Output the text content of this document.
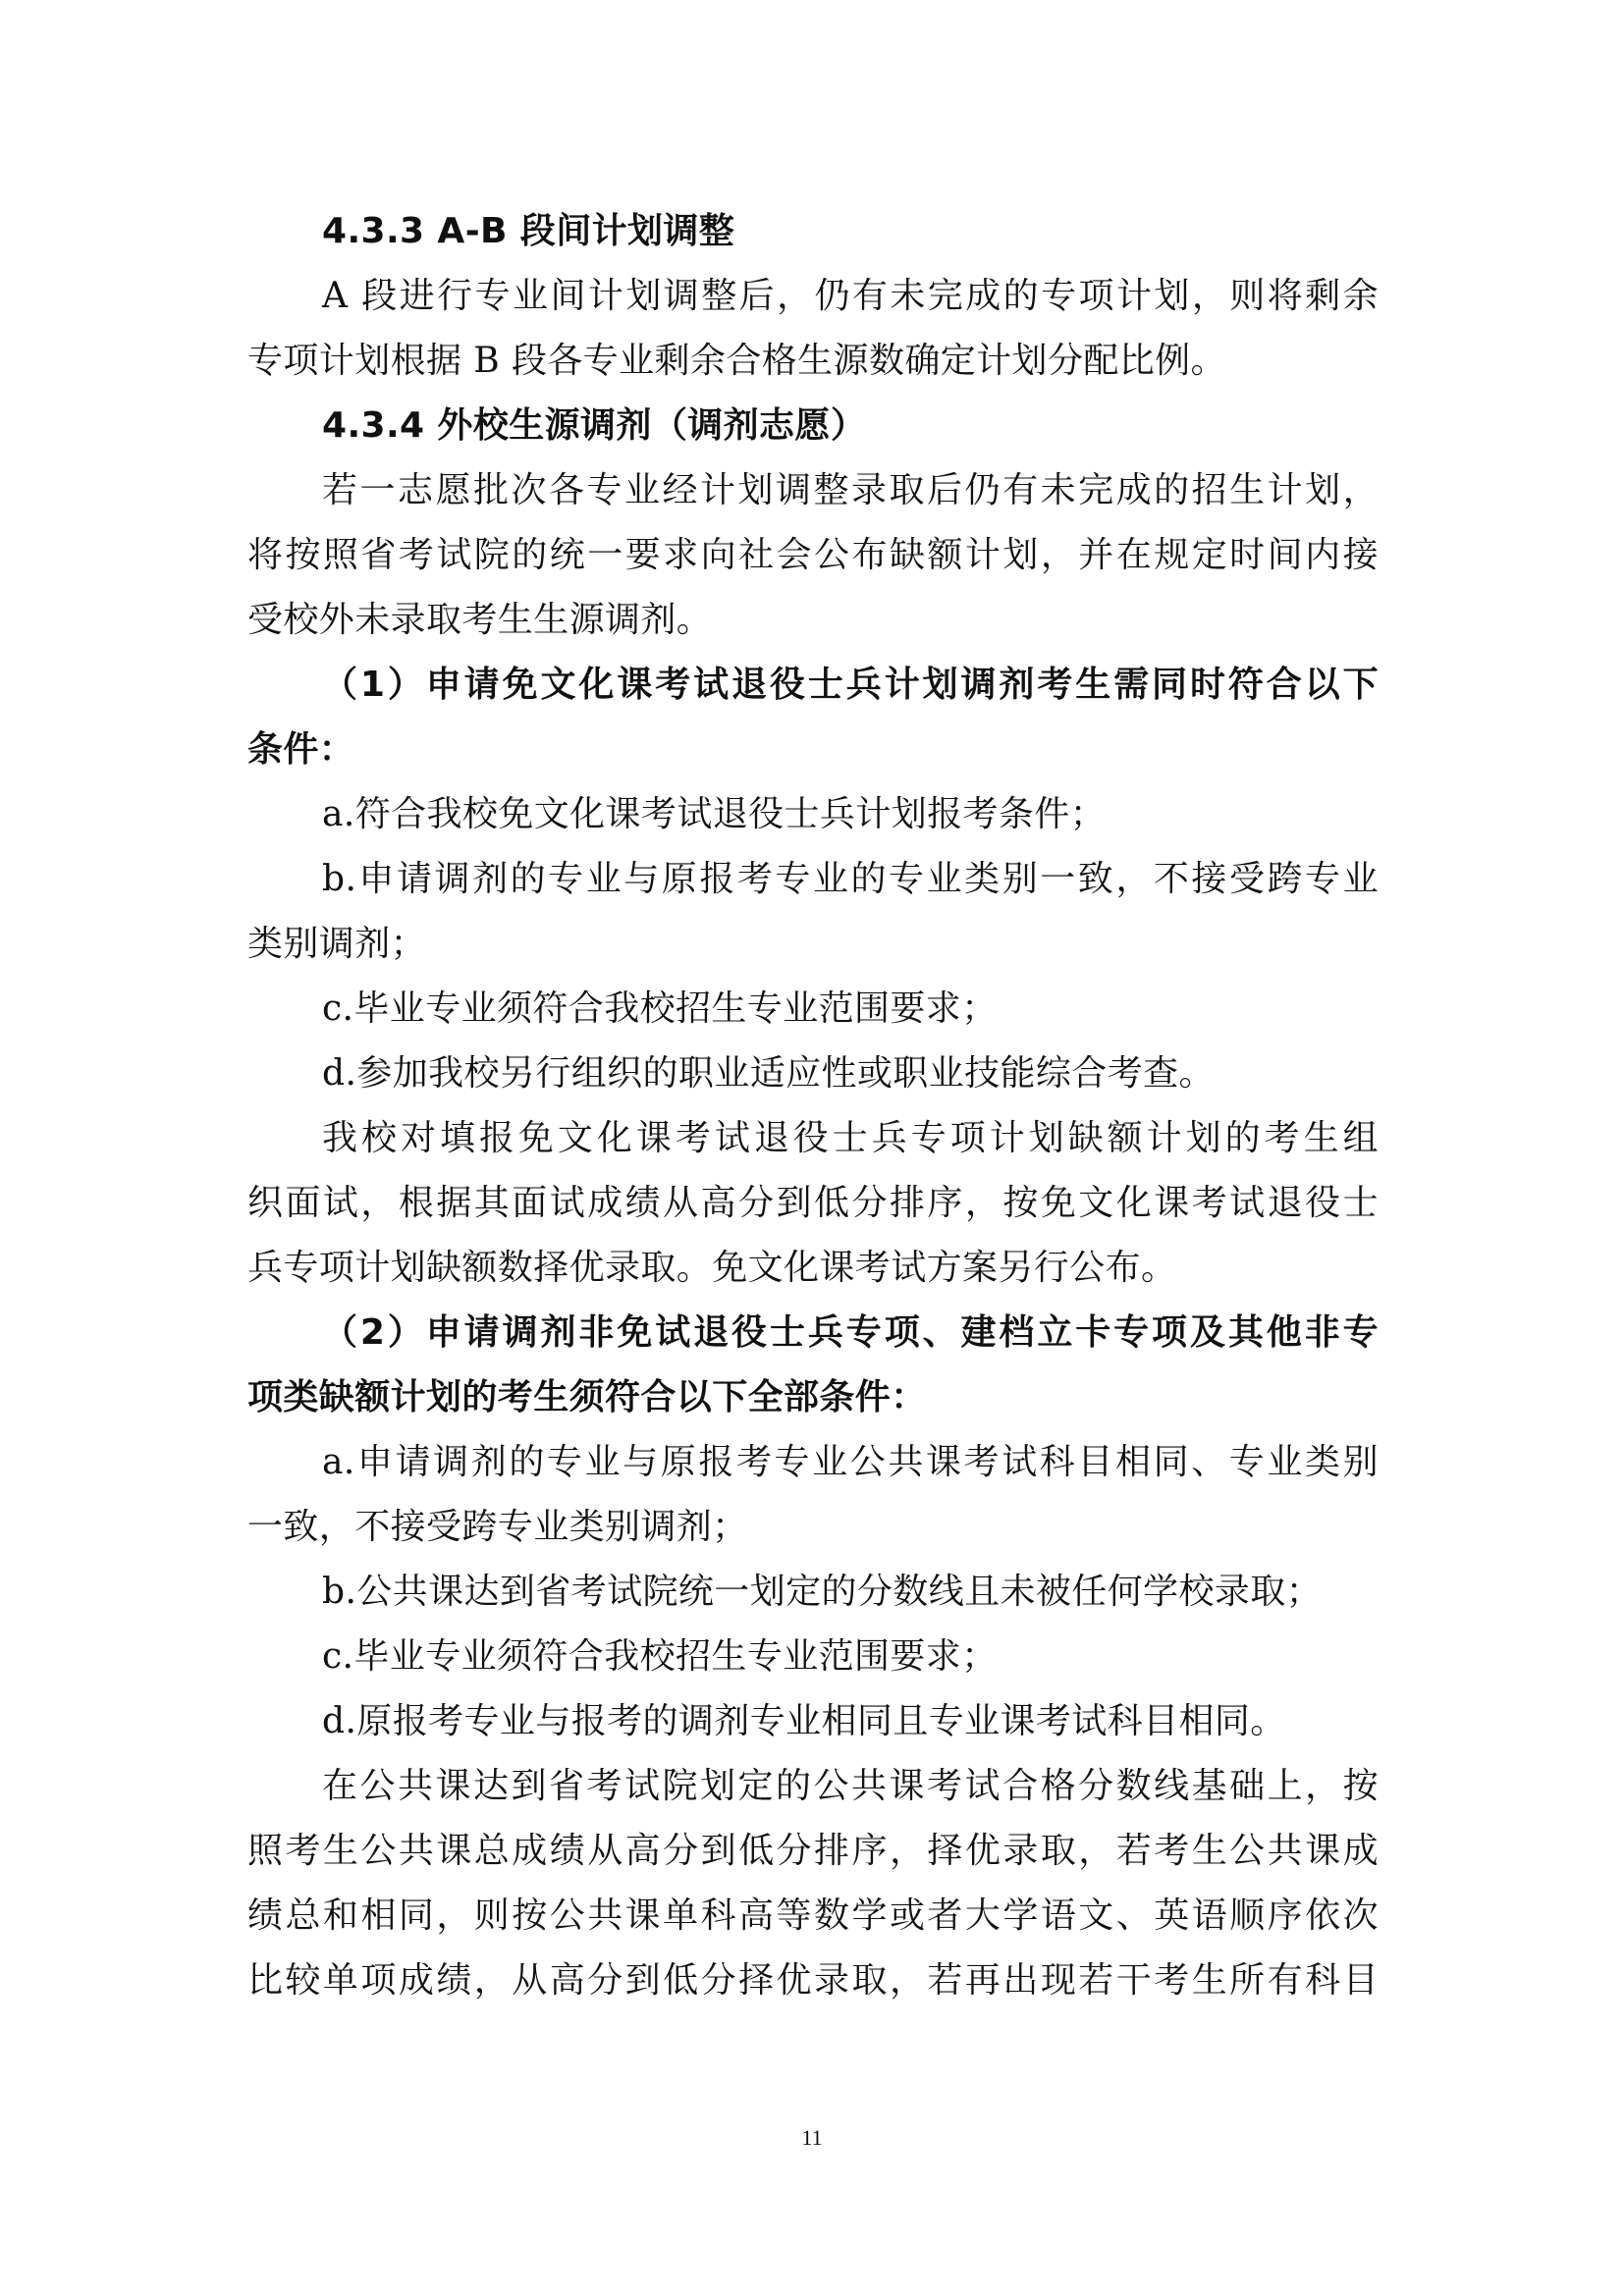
4.3.3 A-B 段间计划调整
A 段进行专业间计划调整后，仍有未完成的专项计划，则将剩余
专项计划根据 B 段各专业剩余合格生源数确定计划分配比例。
4.3.4 外校生源调剂（调剂志愿）
若一志愿批次各专业经计划调整录取后仍有未完成的招生计划，
将按照省考试院的统一要求向社会公布缺额计划，并在规定时间内接
受校外未录取考生生源调剂。
（1）申请免文化课考试退役士兵计划调剂考生需同时符合以下
条件：
a.符合我校免文化课考试退役士兵计划报考条件；
b.申请调剂的专业与原报考专业的专业类别一致，不接受跨专业
类别调剂；
c.毕业专业须符合我校招生专业范围要求；
d.参加我校另行组织的职业适应性或职业技能综合考查。
我校对填报免文化课考试退役士兵专项计划缺额计划的考生组
织面试，根据其面试成绩从高分到低分排序，按免文化课考试退役士
兵专项计划缺额数择优录取。免文化课考试方案另行公布。
（2）申请调剂非免试退役士兵专项、建档立卡专项及其他非专
项类缺额计划的考生须符合以下全部条件：
a.申请调剂的专业与原报考专业公共课考试科目相同、专业类别
一致，不接受跨专业类别调剂；
b.公共课达到省考试院统一划定的分数线且未被任何学校录取；
c.毕业专业须符合我校招生专业范围要求；
d.原报考专业与报考的调剂专业相同且专业课考试科目相同。
在公共课达到省考试院划定的公共课考试合格分数线基础上，按
照考生公共课总成绩从高分到低分排序，择优录取，若考生公共课成
绩总和相同，则按公共课单科高等数学或者大学语文、英语顺序依次
比较单项成绩，从高分到低分择优录取，若再出现若干考生所有科目
11
